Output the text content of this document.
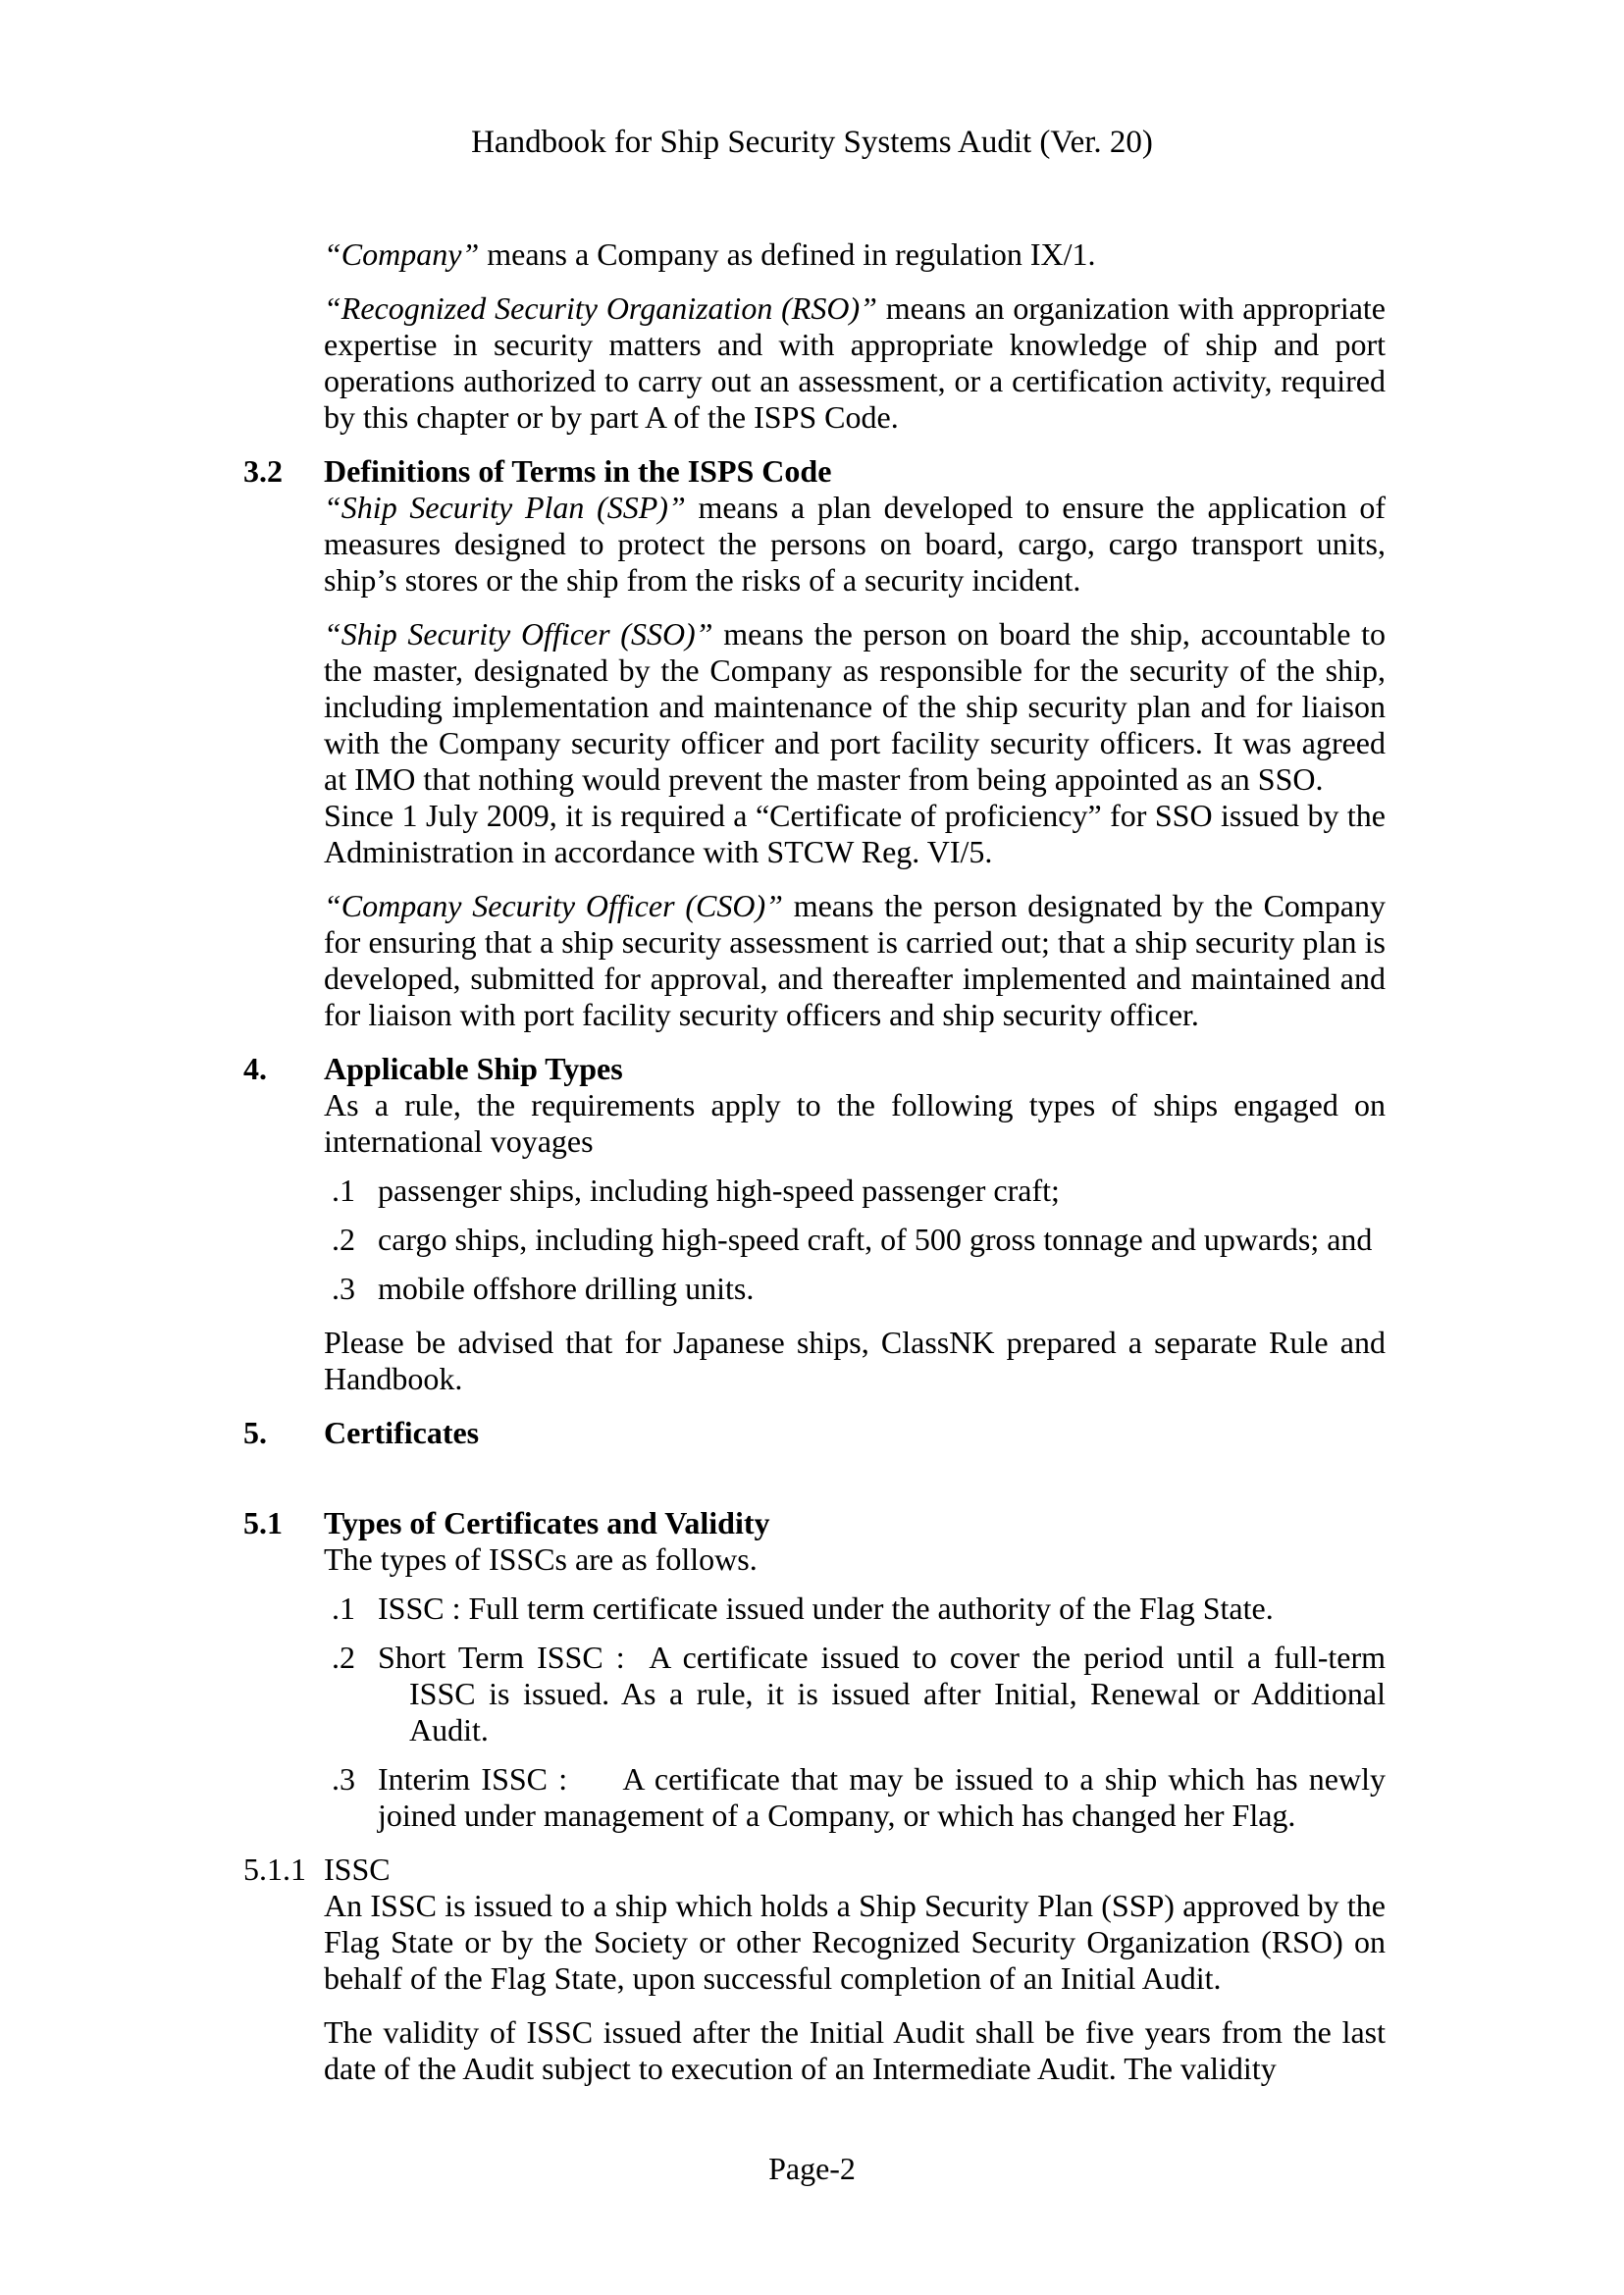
Handbook for Ship Security Systems Audit (Ver. 20)

“Company” means a Company as defined in regulation IX/1.

“Recognized Security Organization (RSO)” means an organization with appropriate expertise in security matters and with appropriate knowledge of ship and port operations authorized to carry out an assessment, or a certification activity, required by this chapter or by part A of the ISPS Code.

3.2 Definitions of Terms in the ISPS Code

“Ship Security Plan (SSP)” means a plan developed to ensure the application of measures designed to protect the persons on board, cargo, cargo transport units, ship’s stores or the ship from the risks of a security incident.

“Ship Security Officer (SSO)” means the person on board the ship, accountable to the master, designated by the Company as responsible for the security of the ship, including implementation and maintenance of the ship security plan and for liaison with the Company security officer and port facility security officers. It was agreed at IMO that nothing would prevent the master from being appointed as an SSO.

Since 1 July 2009, it is required a “Certificate of proficiency” for SSO issued by the Administration in accordance with STCW Reg. VI/5.

“Company Security Officer (CSO)” means the person designated by the Company for ensuring that a ship security assessment is carried out; that a ship security plan is developed, submitted for approval, and thereafter implemented and maintained and for liaison with port facility security officers and ship security officer.

4. Applicable Ship Types

As a rule, the requirements apply to the following types of ships engaged on international voyages

.1 passenger ships, including high-speed passenger craft;
.2 cargo ships, including high-speed craft, of 500 gross tonnage and upwards; and
.3 mobile offshore drilling units.

Please be advised that for Japanese ships, ClassNK prepared a separate Rule and Handbook.

5. Certificates
5.1 Types of Certificates and Validity

The types of ISSCs are as follows.

.1 ISSC : Full term certificate issued under the authority of the Flag State.
.2 Short Term ISSC :  A certificate issued to cover the period until a full-term ISSC is issued. As a rule, it is issued after Initial, Renewal or Additional Audit.
.3 Interim ISSC :     A certificate that may be issued to a ship which has newly joined under management of a Company, or which has changed her Flag.
5.1.1 ISSC

An ISSC is issued to a ship which holds a Ship Security Plan (SSP) approved by the Flag State or by the Society or other Recognized Security Organization (RSO) on behalf of the Flag State, upon successful completion of an Initial Audit.

The validity of ISSC issued after the Initial Audit shall be five years from the last date of the Audit subject to execution of an Intermediate Audit. The validity

Page-2
